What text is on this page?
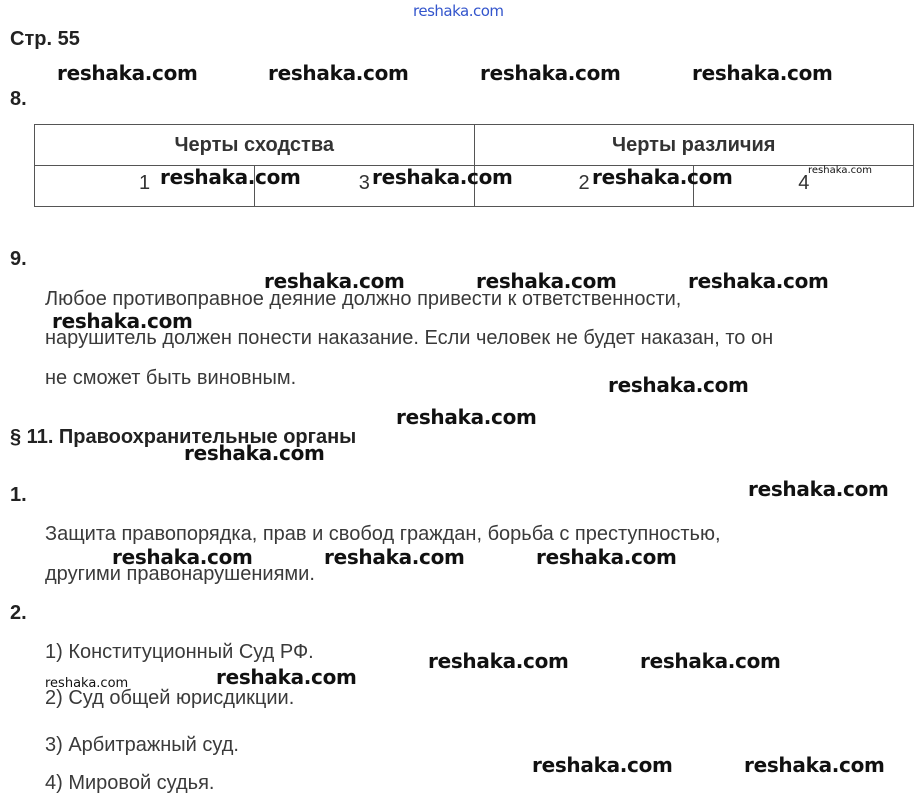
reshaka.com
Стр. 55
reshaka.com	reshaka.com	reshaka.com	reshaka.com
8.
Черты сходства		Черты различия	

1	3	2	4
reshaka.com	reshaka.com	reshaka.com	reshaka.com
9.
reshaka.com	reshaka.com	reshaka.com
Любое противоправное деяние должно привести к ответственности,
reshaka.com
нарушитель должен понести наказание. Если человек не будет наказан, то он
не сможет быть виновным.	reshaka.com
reshaka.com
§ 11. Правоохранительные органы
reshaka.com
reshaka.com
1.
Защита правопорядка, прав и свобод граждан, борьба с преступностью,
reshaka.com	reshaka.com	reshaka.com
другими правонарушениями.
2.
1) Конституционный Суд РФ.	reshaka.com	reshaka.com
reshaka.com
reshaka.com
2) Суд общей юрисдикции.
3) Арбитражный суд.
reshaka.com	reshaka.com
4) Мировой судья.
